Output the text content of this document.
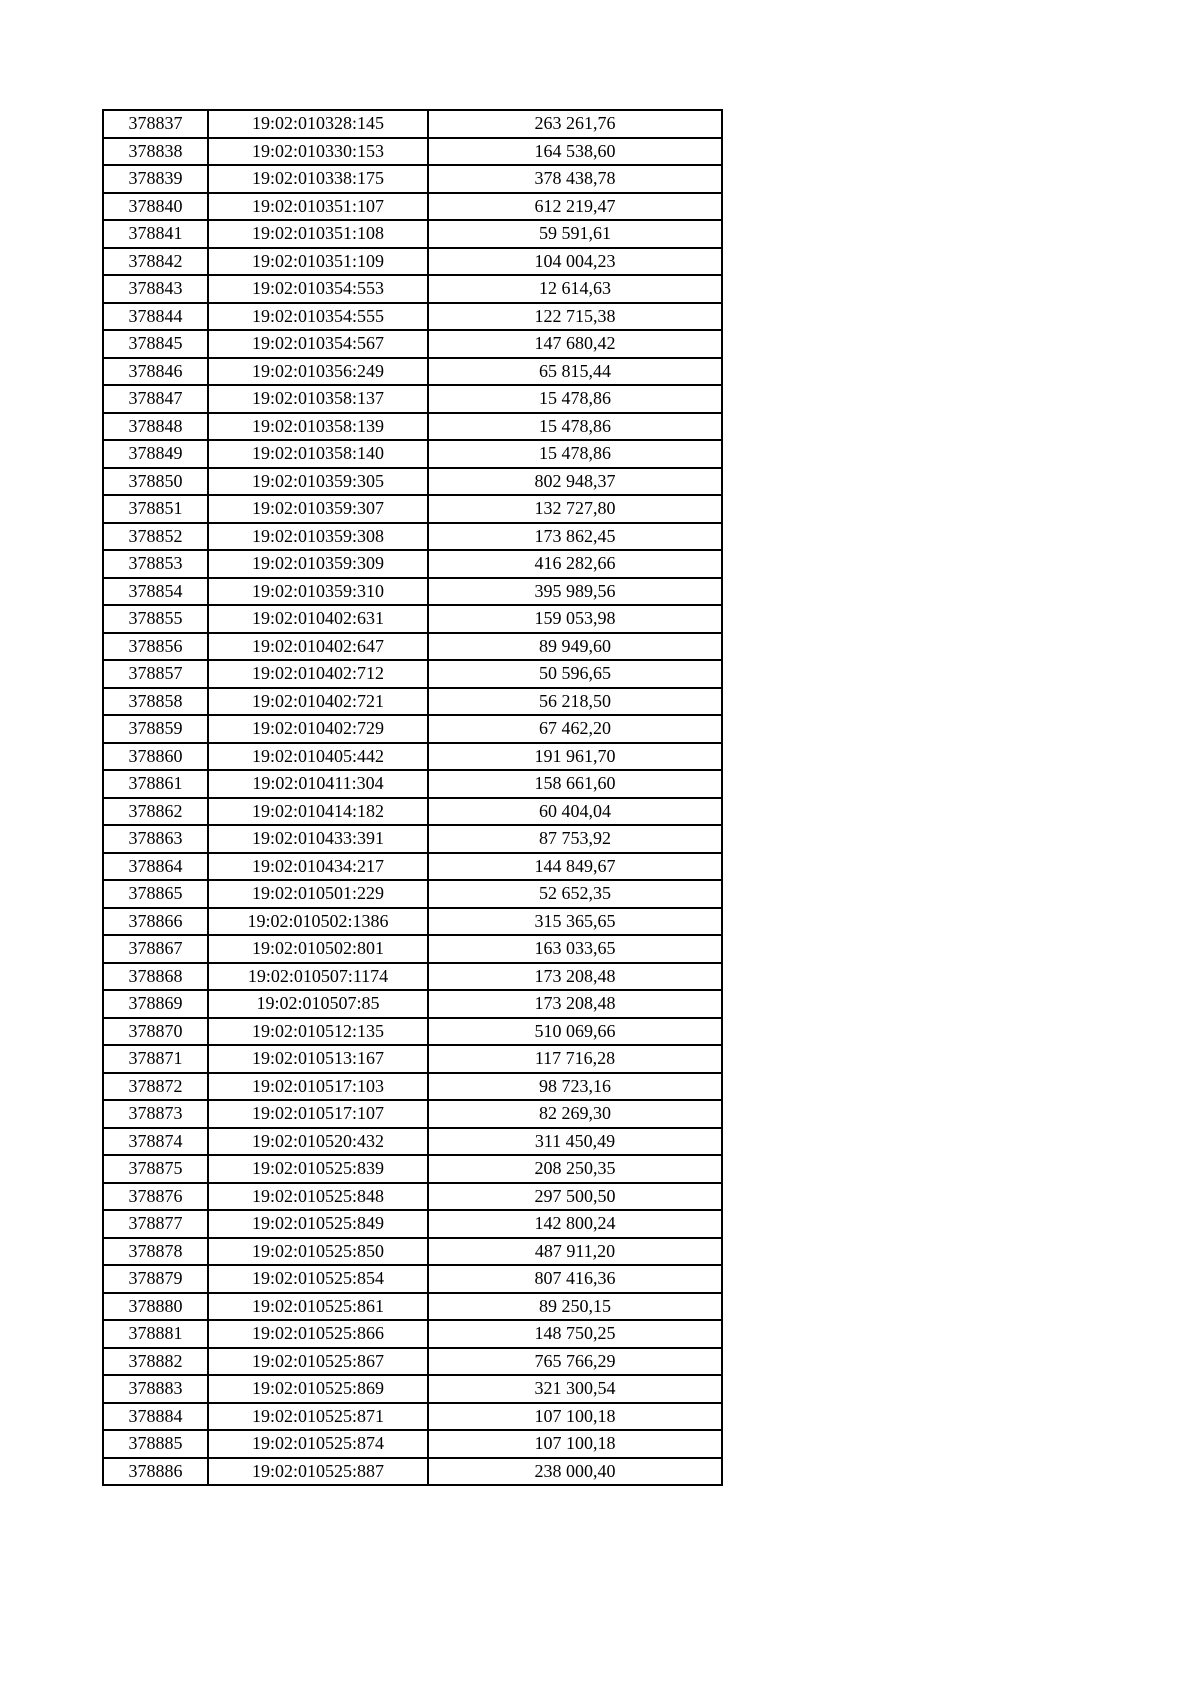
378837	19:02:010328:145	263 261,76
378838	19:02:010330:153	164 538,60
378839	19:02:010338:175	378 438,78
378840	19:02:010351:107	612 219,47
378841	19:02:010351:108	59 591,61
378842	19:02:010351:109	104 004,23
378843	19:02:010354:553	12 614,63
378844	19:02:010354:555	122 715,38
378845	19:02:010354:567	147 680,42
378846	19:02:010356:249	65 815,44
378847	19:02:010358:137	15 478,86
378848	19:02:010358:139	15 478,86
378849	19:02:010358:140	15 478,86
378850	19:02:010359:305	802 948,37
378851	19:02:010359:307	132 727,80
378852	19:02:010359:308	173 862,45
378853	19:02:010359:309	416 282,66
378854	19:02:010359:310	395 989,56
378855	19:02:010402:631	159 053,98
378856	19:02:010402:647	89 949,60
378857	19:02:010402:712	50 596,65
378858	19:02:010402:721	56 218,50
378859	19:02:010402:729	67 462,20
378860	19:02:010405:442	191 961,70
378861	19:02:010411:304	158 661,60
378862	19:02:010414:182	60 404,04
378863	19:02:010433:391	87 753,92
378864	19:02:010434:217	144 849,67
378865	19:02:010501:229	52 652,35
378866	19:02:010502:1386	315 365,65
378867	19:02:010502:801	163 033,65
378868	19:02:010507:1174	173 208,48
378869	19:02:010507:85	173 208,48
378870	19:02:010512:135	510 069,66
378871	19:02:010513:167	117 716,28
378872	19:02:010517:103	98 723,16
378873	19:02:010517:107	82 269,30
378874	19:02:010520:432	311 450,49
378875	19:02:010525:839	208 250,35
378876	19:02:010525:848	297 500,50
378877	19:02:010525:849	142 800,24
378878	19:02:010525:850	487 911,20
378879	19:02:010525:854	807 416,36
378880	19:02:010525:861	89 250,15
378881	19:02:010525:866	148 750,25
378882	19:02:010525:867	765 766,29
378883	19:02:010525:869	321 300,54
378884	19:02:010525:871	107 100,18
378885	19:02:010525:874	107 100,18
378886	19:02:010525:887	238 000,40
